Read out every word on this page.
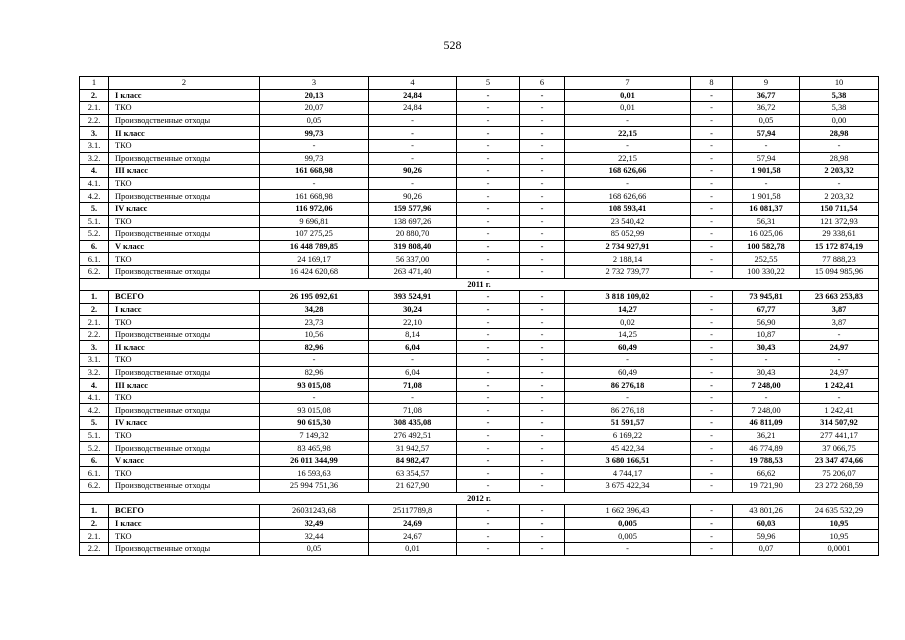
528
1	2	3	4	5	6	7	8	9	10
2.	I класс	20,13	24,84	-	-	0,01	-	36,77	5,38
2.1.	ТКО	20,07	24,84	-	-	0,01	-	36,72	5,38
2.2.	Производственные отходы	0,05	-	-	-	-	-	0,05	0,00
3.	II класс	99,73	-	-	-	22,15	-	57,94	28,98
3.1.	ТКО	-	-	-	-	-	-	-	-
3.2.	Производственные отходы	99,73	-	-	-	22,15	-	57,94	28,98
4.	III класс	161 668,98	90,26	-	-	168 626,66	-	1 901,58	2 203,32
4.1.	ТКО	-	-	-	-	-	-	-	-
4.2.	Производственные отходы	161 668,98	90,26	-	-	168 626,66	-	1 901,58	2 203,32
5.	IV класс	116 972,06	159 577,96	-	-	108 593,41	-	16 081,37	150 711,54
5.1.	ТКО	9 696,81	138 697,26	-	-	23 540,42	-	56,31	121 372,93
5.2.	Производственные отходы	107 275,25	20 880,70	-	-	85 052,99	-	16 025,06	29 338,61
6.	V класс	16 448 789,85	319 808,40	-	-	2 734 927,91	-	100 582,78	15 172 874,19
6.1.	ТКО	24 169,17	56 337,00	-	-	2 188,14	-	252,55	77 888,23
6.2.	Производственные отходы	16 424 620,68	263 471,40	-	-	2 732 739,77	-	100 330,22	15 094 985,96
2011 г.									
1.	ВСЕГО	26 195 092,61	393 524,91	-	-	3 818 109,02	-	73 945,81	23 663 253,83
2.	I класс	34,28	30,24	-	-	14,27	-	67,77	3,87
2.1.	ТКО	23,73	22,10	-	-	0,02	-	56,90	3,87
2.2.	Производственные отходы	10,56	8,14	-	-	14,25	-	10,87	-
3.	II класс	82,96	6,04	-	-	60,49	-	30,43	24,97
3.1.	ТКО	-	-	-	-	-	-	-	-
3.2.	Производственные отходы	82,96	6,04	-	-	60,49	-	30,43	24,97
4.	III класс	93 015,08	71,08	-	-	86 276,18	-	7 248,00	1 242,41
4.1.	ТКО	-	-	-	-	-	-	-	-
4.2.	Производственные отходы	93 015,08	71,08	-	-	86 276,18	-	7 248,00	1 242,41
5.	IV класс	90 615,30	308 435,08	-	-	51 591,57	-	46 811,09	314 507,92
5.1.	ТКО	7 149,32	276 492,51	-	-	6 169,22	-	36,21	277 441,17
5.2.	Производственные отходы	83 465,98	31 942,57	-	-	45 422,34	-	46 774,89	37 066,75
6.	V класс	26 011 344,99	84 982,47	-	-	3 680 166,51	-	19 788,53	23 347 474,66
6.1.	ТКО	16 593,63	63 354,57	-	-	4 744,17	-	66,62	75 206,07
6.2.	Производственные отходы	25 994 751,36	21 627,90	-	-	3 675 422,34	-	19 721,90	23 272 268,59
2012 г.									
1.	ВСЕГО	26031243,68	25117789,8	-	-	1 662 396,43	-	43 801,26	24 635 532,29
2.	I класс	32,49	24,69	-	-	0,005	-	60,03	10,95
2.1.	ТКО	32,44	24,67	-	-	0,005	-	59,96	10,95
2.2.	Производственные отходы	0,05	0,01	-	-	-	-	0,07	0,0001
